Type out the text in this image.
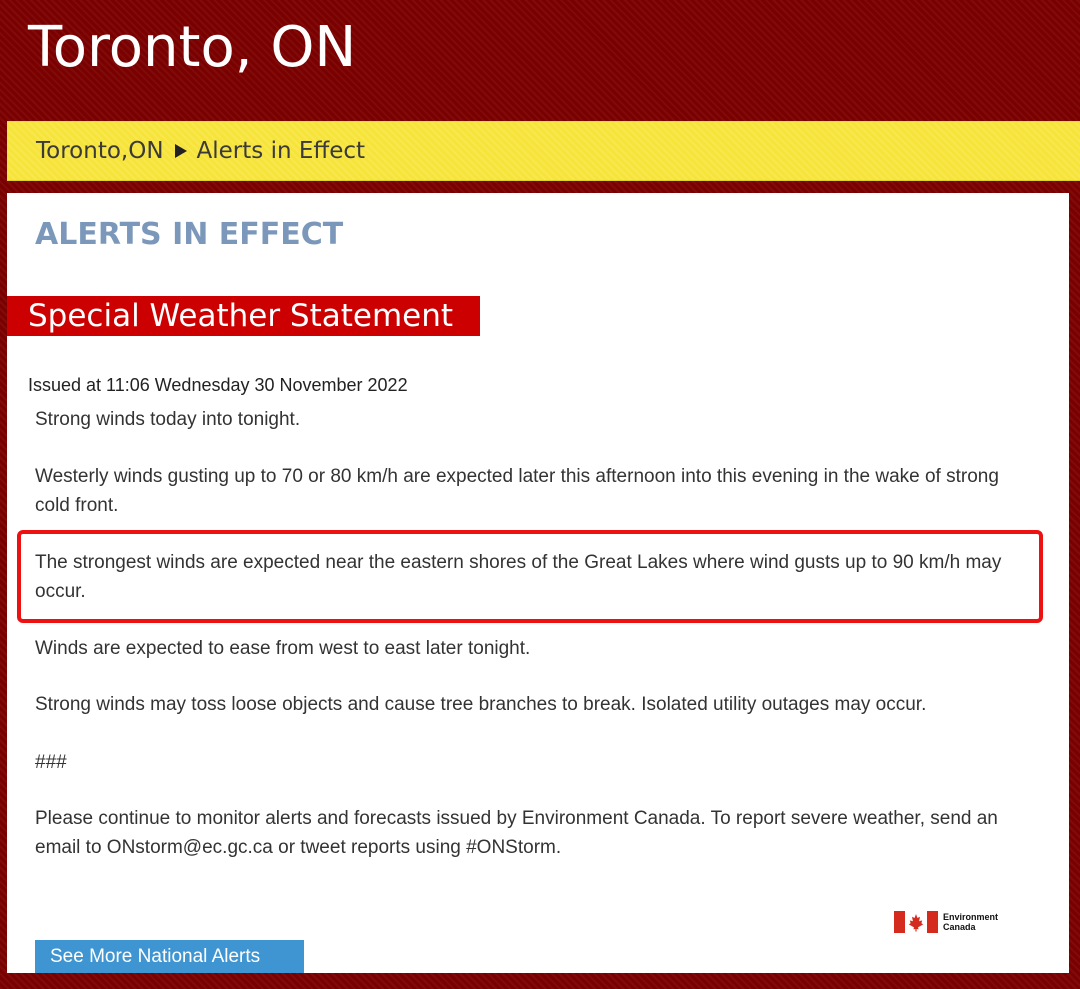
Toronto, ON
Toronto,ON Alerts in Effect
ALERTS IN EFFECT
Special Weather Statement
Issued at 11:06 Wednesday 30 November 2022

Strong winds today into tonight.

Westerly winds gusting up to 70 or 80 km/h are expected later this afternoon into this evening in the wake of strong cold front.

The strongest winds are expected near the eastern shores of the Great Lakes where wind gusts up to 90 km/h may occur.

Winds are expected to ease from west to east later tonight.

Strong winds may toss loose objects and cause tree branches to break. Isolated utility outages may occur.

###

Please continue to monitor alerts and forecasts issued by Environment Canada. To report severe weather, send an email to ONstorm@ec.gc.ca or tweet reports using #ONStorm.

Environment
Canada
See More National Alerts
